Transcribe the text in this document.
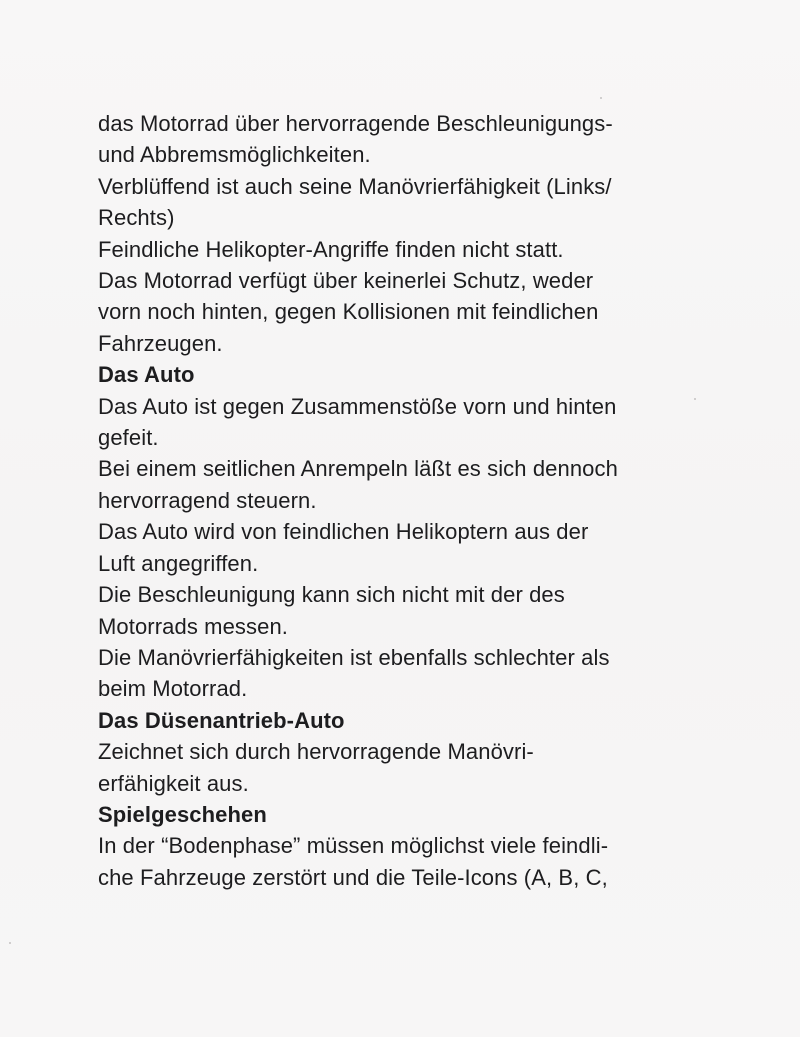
das Motorrad über hervorragende Beschleunigungs-
und Abbremsmöglichkeiten.
Verblüffend ist auch seine Manövrierfähigkeit (Links/
Rechts)
Feindliche Helikopter-Angriffe finden nicht statt.
Das Motorrad verfügt über keinerlei Schutz, weder
vorn noch hinten, gegen Kollisionen mit feindlichen
Fahrzeugen.
Das Auto
Das Auto ist gegen Zusammenstöße vorn und hinten
gefeit.
Bei einem seitlichen Anrempeln läßt es sich dennoch
hervorragend steuern.
Das Auto wird von feindlichen Helikoptern aus der
Luft angegriffen.
Die Beschleunigung kann sich nicht mit der des
Motorrads messen.
Die Manövrierfähigkeiten ist ebenfalls schlechter als
beim Motorrad.
Das Düsenantrieb-Auto
Zeichnet sich durch hervorragende Manövri-
erfähigkeit aus.
Spielgeschehen
In der “Bodenphase” müssen möglichst viele feindli-
che Fahrzeuge zerstört und die Teile-Icons (A, B, C,
